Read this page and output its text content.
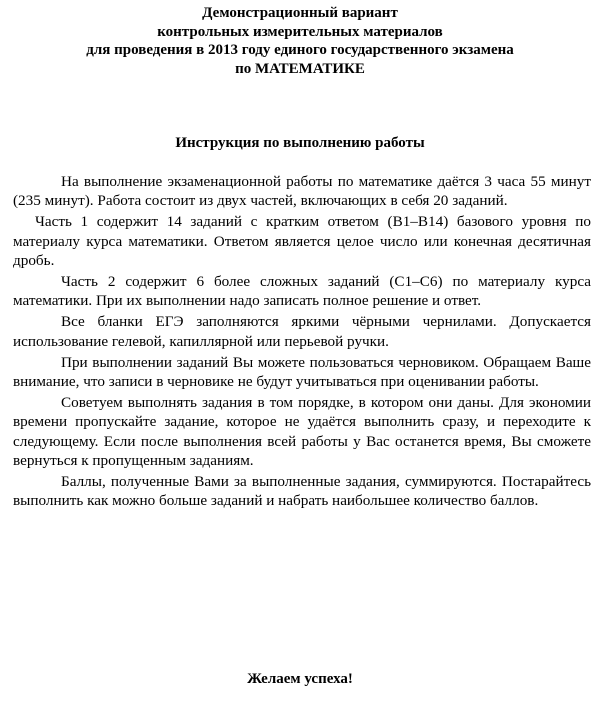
Демонстрационный вариант
контрольных измерительных материалов
для проведения в 2013 году единого государственного экзамена
по МАТЕМАТИКЕ
Инструкция по выполнению работы

На выполнение экзаменационной работы по математике даётся 3 часа 55 минут (235 минут). Работа состоит из двух частей, включающих в себя 20 заданий.

Часть 1 содержит 14 заданий с кратким ответом (B1–B14) базового уровня по материалу курса математики. Ответом является целое число или конечная десятичная дробь.

Часть 2 содержит 6 более сложных заданий (C1–C6) по материалу курса математики. При их выполнении надо записать полное решение и ответ.

Все бланки ЕГЭ заполняются яркими чёрными чернилами. Допускается использование гелевой, капиллярной или перьевой ручки.

При выполнении заданий Вы можете пользоваться черновиком. Обращаем Ваше внимание, что записи в черновике не будут учитываться при оценивании работы.

Советуем выполнять задания в том порядке, в котором они даны. Для экономии времени пропускайте задание, которое не удаётся выполнить сразу, и переходите к следующему. Если после выполнения всей работы у Вас останется время, Вы сможете вернуться к пропущенным заданиям.

Баллы, полученные Вами за выполненные задания, суммируются. Постарайтесь выполнить как можно больше заданий и набрать наибольшее количество баллов.

Желаем успеха!
